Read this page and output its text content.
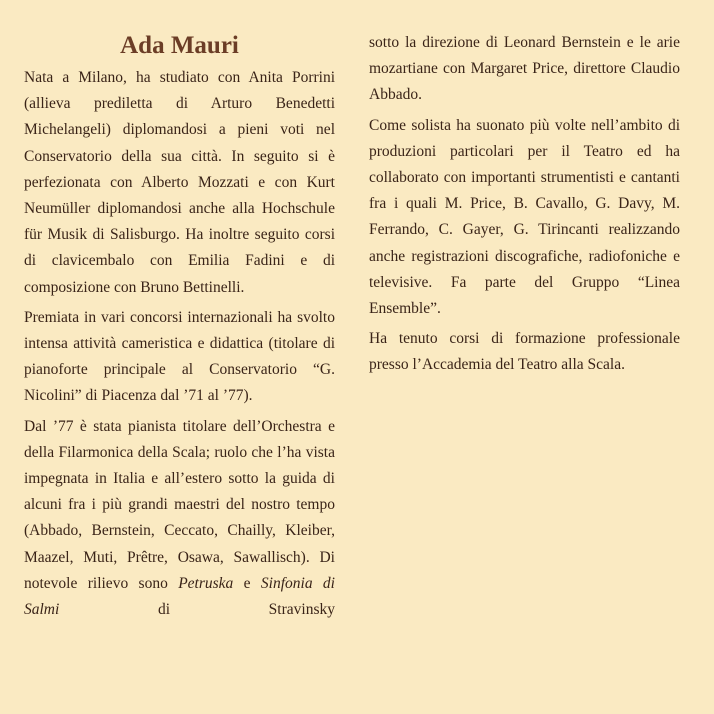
Ada Mauri

Nata a Milano, ha studiato con Anita Porrini (allieva prediletta di Arturo Benedetti Michelangeli) diplomandosi a pieni voti nel Conservatorio della sua città. In seguito si è perfezionata con Alberto Mozzati e con Kurt Neumüller diplomandosi anche alla Hochschule für Musik di Salisburgo. Ha inoltre seguito corsi di clavicembalo con Emilia Fadini e di composizione con Bruno Bettinelli.

Premiata in vari concorsi internazionali ha svolto intensa attività cameristica e didattica (titolare di pianoforte principale al Conservatorio “G. Nicolini” di Piacenza dal ’71 al ’77).

Dal ’77 è stata pianista titolare dell’Orchestra e della Filarmonica della Scala; ruolo che l’ha vista impegnata in Italia e all’estero sotto la guida di alcuni fra i più grandi maestri del nostro tempo (Abbado, Bernstein, Ceccato, Chailly, Kleiber, Maazel, Muti, Prêtre, Osawa, Sawallisch). Di notevole rilievo sono Petruska e Sinfonia di Salmi	di Stravinsky

sotto la direzione di Leonard Bernstein e le arie mozartiane con Margaret Price, direttore Claudio Abbado.

Come solista ha suonato più volte nell’ambito di produzioni particolari per il Teatro ed ha collaborato con importanti strumentisti e cantanti fra i quali M. Price, B. Cavallo, G. Davy, M. Ferrando, C. Gayer, G. Tirincanti realizzando anche registrazioni discografiche, radiofoniche e televisive. Fa parte del Gruppo “Linea Ensemble”.

Ha tenuto corsi di formazione professionale presso l’Accademia del Teatro alla Scala.
